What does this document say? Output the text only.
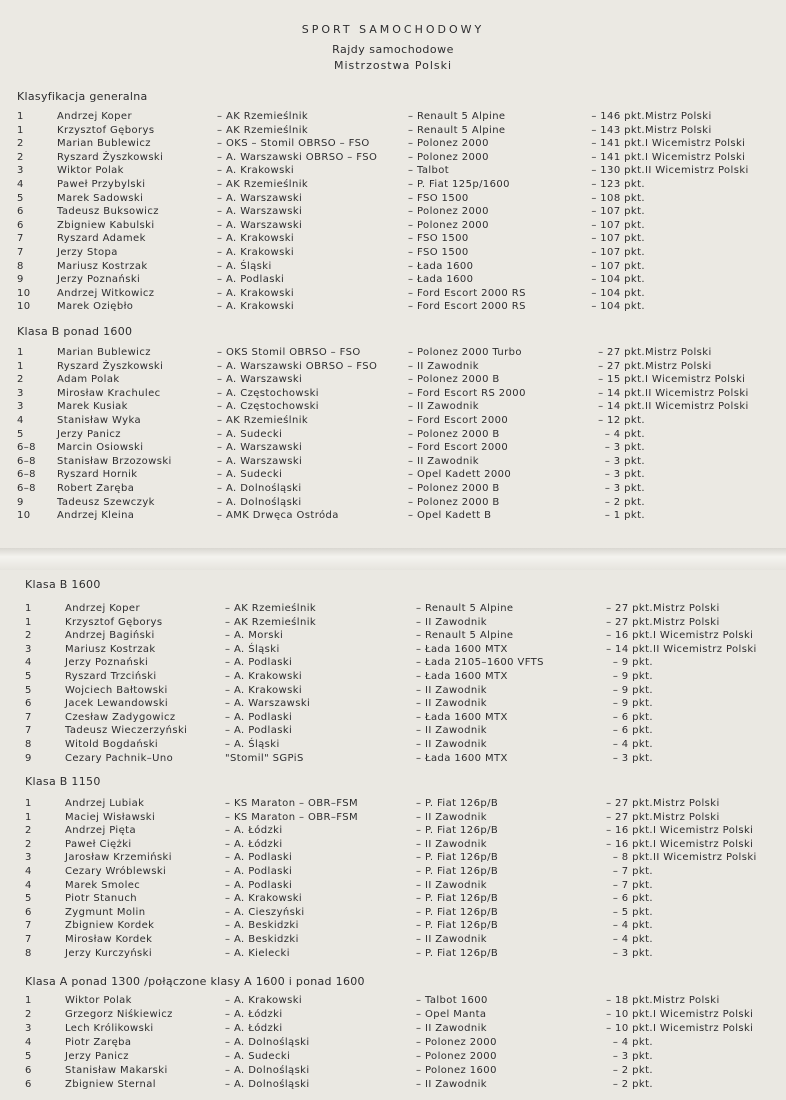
SPORT SAMOCHODOWY
Rajdy samochodowe
Mistrzostwa Polski
Klasyfikacja generalna
1	Andrzej Koper	– AK Rzemieślnik	– Renault 5 Alpine	– 146 pkt. Mistrz Polski
1	Krzysztof Gęborys	– AK Rzemieślnik	– Renault 5 Alpine	– 143 pkt. Mistrz Polski
2	Marian Bublewicz	– OKS – Stomil OBRSO – FSO	– Polonez 2000	– 141 pkt. I Wicemistrz Polski
2	Ryszard Żyszkowski	– A. Warszawski OBRSO – FSO	– Polonez 2000	– 141 pkt. I Wicemistrz Polski
3	Wiktor Polak	– A. Krakowski	– Talbot	– 130 pkt. II Wicemistrz Polski
4	Paweł Przybylski	– AK Rzemieślnik	– P. Fiat 125p/1600	– 123 pkt.
5	Marek Sadowski	– A. Warszawski	– FSO 1500	– 108 pkt.
6	Tadeusz Buksowicz	– A. Warszawski	– Polonez 2000	– 107 pkt.
6	Zbigniew Kabulski	– A. Warszawski	– Polonez 2000	– 107 pkt.
7	Ryszard Adamek	– A. Krakowski	– FSO 1500	– 107 pkt.
7	Jerzy Stopa	– A. Krakowski	– FSO 1500	– 107 pkt.
8	Mariusz Kostrzak	– A. Śląski	– Łada 1600	– 107 pkt.
9	Jerzy Poznański	– A. Podlaski	– Łada 1600	– 104 pkt.
10	Andrzej Witkowicz	– A. Krakowski	– Ford Escort 2000 RS	– 104 pkt.
10	Marek Oziębło	– A. Krakowski	– Ford Escort 2000 RS	– 104 pkt.
Klasa B ponad 1600
1	Marian Bublewicz	– OKS Stomil OBRSO – FSO	– Polonez 2000 Turbo	– 27 pkt. Mistrz Polski
1	Ryszard Żyszkowski	– A. Warszawski OBRSO – FSO	– II Zawodnik	– 27 pkt. Mistrz Polski
2	Adam Polak	– A. Warszawski	– Polonez 2000 B	– 15 pkt. I Wicemistrz Polski
3	Mirosław Krachulec	– A. Częstochowski	– Ford Escort RS 2000	– 14 pkt. II Wicemistrz Polski
3	Marek Kusiak	– A. Częstochowski	– II Zawodnik	– 14 pkt. II Wicemistrz Polski
4	Stanisław Wyka	– AK Rzemieślnik	– Ford Escort 2000	– 12 pkt.
5	Jerzy Panicz	– A. Sudecki	– Polonez 2000 B	– 4 pkt.
6–8 Marcin Osiowski	– A. Warszawski	– Ford Escort 2000	– 3 pkt.
6–8 Stanisław Brzozowski	– A. Warszawski	– II Zawodnik	– 3 pkt.
6–8 Ryszard Hornik	– A. Sudecki	– Opel Kadett 2000	– 3 pkt.
6–8 Robert Zaręba	– A. Dolnośląski	– Polonez 2000 B	– 3 pkt.
9	Tadeusz Szewczyk	– A. Dolnośląski	– Polonez 2000 B	– 2 pkt.
10	Andrzej Kleina	– AMK Drwęca Ostróda	– Opel Kadett B	– 1 pkt.
Klasa B 1600
1	Andrzej Koper	– AK Rzemieślnik	– Renault 5 Alpine	– 27 pkt. Mistrz Polski
1	Krzysztof Gęborys	– AK Rzemieślnik	– II Zawodnik	– 27 pkt. Mistrz Polski
2	Andrzej Bagiński	– A. Morski	– Renault 5 Alpine	– 16 pkt. I Wicemistrz Polski
3	Mariusz Kostrzak	– A. Śląski	– Łada 1600 MTX	– 14 pkt. II Wicemistrz Polski
4	Jerzy Poznański	– A. Podlaski	– Łada 2105–1600 VFTS	– 9 pkt.
5	Ryszard Trzciński	– A. Krakowski	– Łada 1600 MTX	– 9 pkt.
5	Wojciech Bałtowski	– A. Krakowski	– II Zawodnik	– 9 pkt.
6	Jacek Lewandowski	– A. Warszawski	– II Zawodnik	– 9 pkt.
7	Czesław Zadygowicz	– A. Podlaski	– Łada 1600 MTX	– 6 pkt.
7	Tadeusz Wieczerzyński	– A. Podlaski	– II Zawodnik	– 6 pkt.
8	Witold Bogdański	– A. Śląski	– II Zawodnik	– 4 pkt.
9	Cezary Pachnik–Uno	"Stomil" SGPiS	– Łada 1600 MTX	– 3 pkt.
Klasa B 1150
1	Andrzej Lubiak	– KS Maraton – OBR–FSM	– P. Fiat 126p/B	– 27 pkt. Mistrz Polski
1	Maciej Wisławski	– KS Maraton – OBR–FSM	– II Zawodnik	– 27 pkt. Mistrz Polski
2	Andrzej Pięta	– A. Łódzki	– P. Fiat 126p/B	– 16 pkt. I Wicemistrz Polski
2	Paweł Ciężki	– A. Łódzki	– II Zawodnik	– 16 pkt. I Wicemistrz Polski
3	Jarosław Krzemiński	– A. Podlaski	– P. Fiat 126p/B	– 8 pkt. II Wicemistrz Polski
4	Cezary Wróblewski	– A. Podlaski	– P. Fiat 126p/B	– 7 pkt.
4	Marek Smolec	– A. Podlaski	– II Zawodnik	– 7 pkt.
5	Piotr Stanuch	– A. Krakowski	– P. Fiat 126p/B	– 6 pkt.
6	Zygmunt Molin	– A. Cieszyński	– P. Fiat 126p/B	– 5 pkt.
7	Zbigniew Kordek	– A. Beskidzki	– P. Fiat 126p/B	– 4 pkt.
7	Mirosław Kordek	– A. Beskidzki	– II Zawodnik	– 4 pkt.
8	Jerzy Kurczyński	– A. Kielecki	– P. Fiat 126p/B	– 3 pkt.
Klasa A ponad 1300 /połączone klasy A 1600 i ponad 1600
1	Wiktor Polak	– A. Krakowski	– Talbot 1600	– 18 pkt. Mistrz Polski
2	Grzegorz Niśkiewicz	– A. Łódzki	– Opel Manta	– 10 pkt. I Wicemistrz Polski
3	Lech Królikowski	– A. Łódzki	– II Zawodnik	– 10 pkt. I Wicemistrz Polski
4	Piotr Zaręba	– A. Dolnośląski	– Polonez 2000	– 4 pkt.
5	Jerzy Panicz	– A. Sudecki	– Polonez 2000	– 3 pkt.
6	Stanisław Makarski	– A. Dolnośląski	– Polonez 1600	– 2 pkt.
6	Zbigniew Sternal	– A. Dolnośląski	– II Zawodnik	– 2 pkt.
